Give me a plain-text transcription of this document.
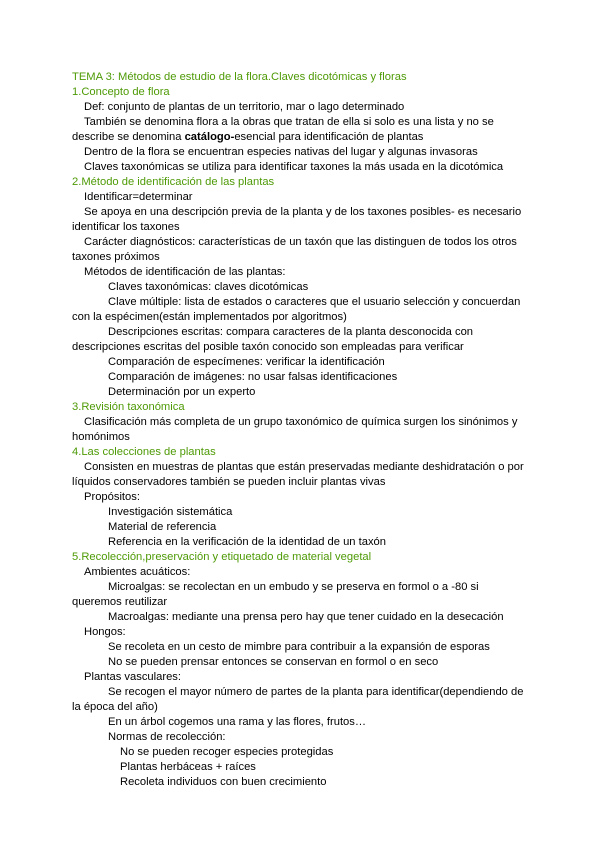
TEMA 3: Métodos de estudio de la flora.Claves dicotómicas y floras
1.Concepto de flora
Def: conjunto de plantas de un territorio, mar o lago determinado
También se denomina flora a la obras que tratan de ella si solo es una lista y no se describe se denomina catálogo-esencial para identificación de plantas
Dentro de la flora se encuentran especies nativas del lugar y algunas invasoras
Claves taxonómicas se utiliza para identificar taxones la más usada en la dicotómica
2.Método de identificación de las plantas
Identificar=determinar
Se apoya en una descripción previa de la planta y de los taxones posibles- es necesario identificar los taxones
Carácter diagnósticos: características de un taxón que las distinguen de todos los otros taxones próximos
Métodos de identificación de las plantas:
Claves taxonómicas: claves dicotómicas
Clave múltiple: lista de estados o caracteres que el usuario selección y concuerdan con la espécimen(están implementados por algoritmos)
Descripciones escritas: compara caracteres de la planta desconocida con descripciones escritas del posible taxón conocido son empleadas para verificar
Comparación de especímenes: verificar la identificación
Comparación de imágenes: no usar falsas identificaciones
Determinación por un experto
3.Revisión taxonómica
Clasificación más completa de un grupo taxonómico de química surgen los sinónimos y homónimos
4.Las colecciones de plantas
Consisten en muestras de plantas que están preservadas mediante deshidratación o por líquidos conservadores también se pueden incluir plantas vivas
Propósitos:
Investigación sistemática
Material de referencia
Referencia en la verificación de la identidad de un taxón
5.Recolección,preservación y etiquetado de material vegetal
Ambientes acuáticos:
Microalgas: se recolectan en un embudo y se preserva en formol o a -80 si queremos reutilizar
Macroalgas: mediante una prensa pero hay que tener cuidado en la desecación
Hongos:
Se recoleta en un cesto de mimbre para contribuir a la expansión de esporas
No se pueden prensar entonces se conservan en formol o en seco
Plantas vasculares:
Se recogen el mayor número de partes de la planta para identificar(dependiendo de la época del año)
En un árbol cogemos una rama y las flores, frutos…
Normas de recolección:
No se pueden recoger especies protegidas
Plantas herbáceas + raíces
Recoleta individuos con buen crecimiento
